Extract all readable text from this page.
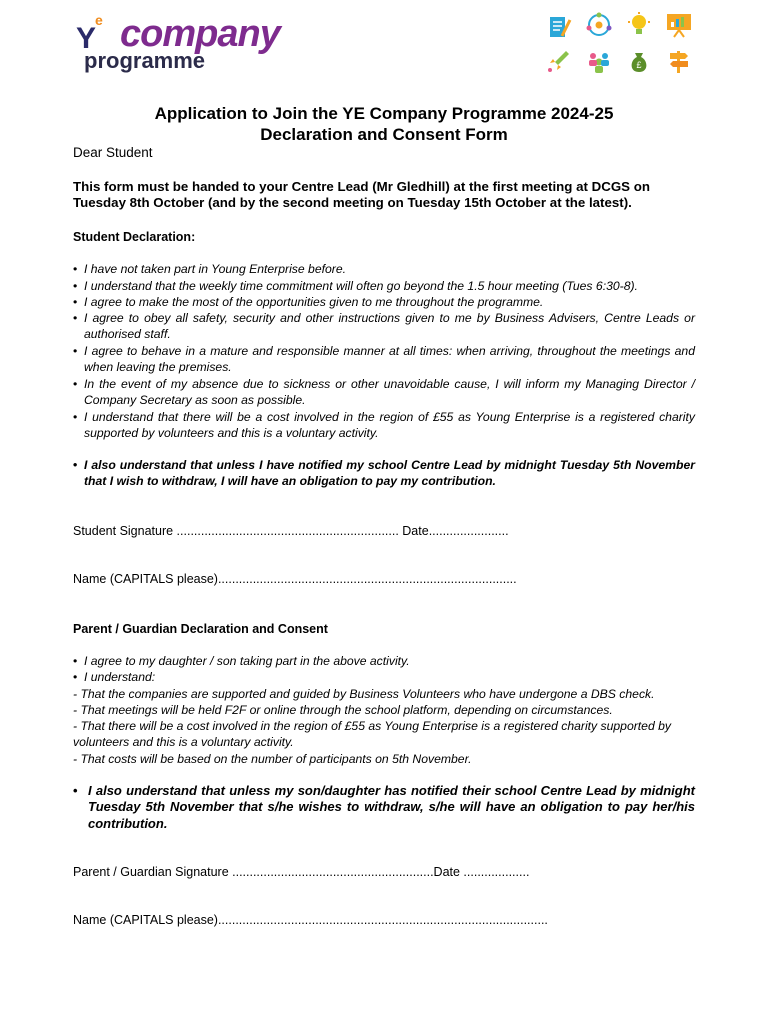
$Y^e$ company
programme	£
Application to Join the YE Company Programme 2024-25
Declaration and Consent Form
Dear Student
This form must be handed to your Centre Lead (Mr Gledhill) at the first meeting at DCGS on Tuesday 8th October (and by the second meeting on Tuesday 15th October at the latest).
Student Declaration:
• I have not taken part in Young Enterprise before.
• I understand that the weekly time commitment will often go beyond the 1.5 hour meeting (Tues 6:30-8).
• I agree to make the most of the opportunities given to me throughout the programme.
• I agree to obey all safety, security and other instructions given to me by Business Advisers, Centre Leads or authorised staff.
• I agree to behave in a mature and responsible manner at all times: when arriving, throughout the meetings and when leaving the premises.
• In the event of my absence due to sickness or other unavoidable cause, I will inform my Managing Director / Company Secretary as soon as possible.
• I understand that there will be a cost involved in the region of £55 as Young Enterprise is a registered charity supported by volunteers and this is a voluntary activity.
• I also understand that unless I have notified my school Centre Lead by midnight Tuesday 5th November that I wish to withdraw, I will have an obligation to pay my contribution.
Student Signature ................................................................ Date.......................
Name (CAPITALS please)......................................................................................
Parent / Guardian Declaration and Consent
• I agree to my daughter / son taking part in the above activity.
• I understand:
- That the companies are supported and guided by Business Volunteers who have undergone a DBS check.
- That meetings will be held F2F or online through the school platform, depending on circumstances.
- That there will be a cost involved in the region of £55 as Young Enterprise is a registered charity supported by volunteers and this is a voluntary activity.
- That costs will be based on the number of participants on 5th November.
• I also understand that unless my son/daughter has notified their school Centre Lead by midnight Tuesday 5th November that s/he wishes to withdraw, s/he will have an obligation to pay her/his contribution.
Parent / Guardian Signature ..........................................................Date ...................
Name (CAPITALS please)...............................................................................................
